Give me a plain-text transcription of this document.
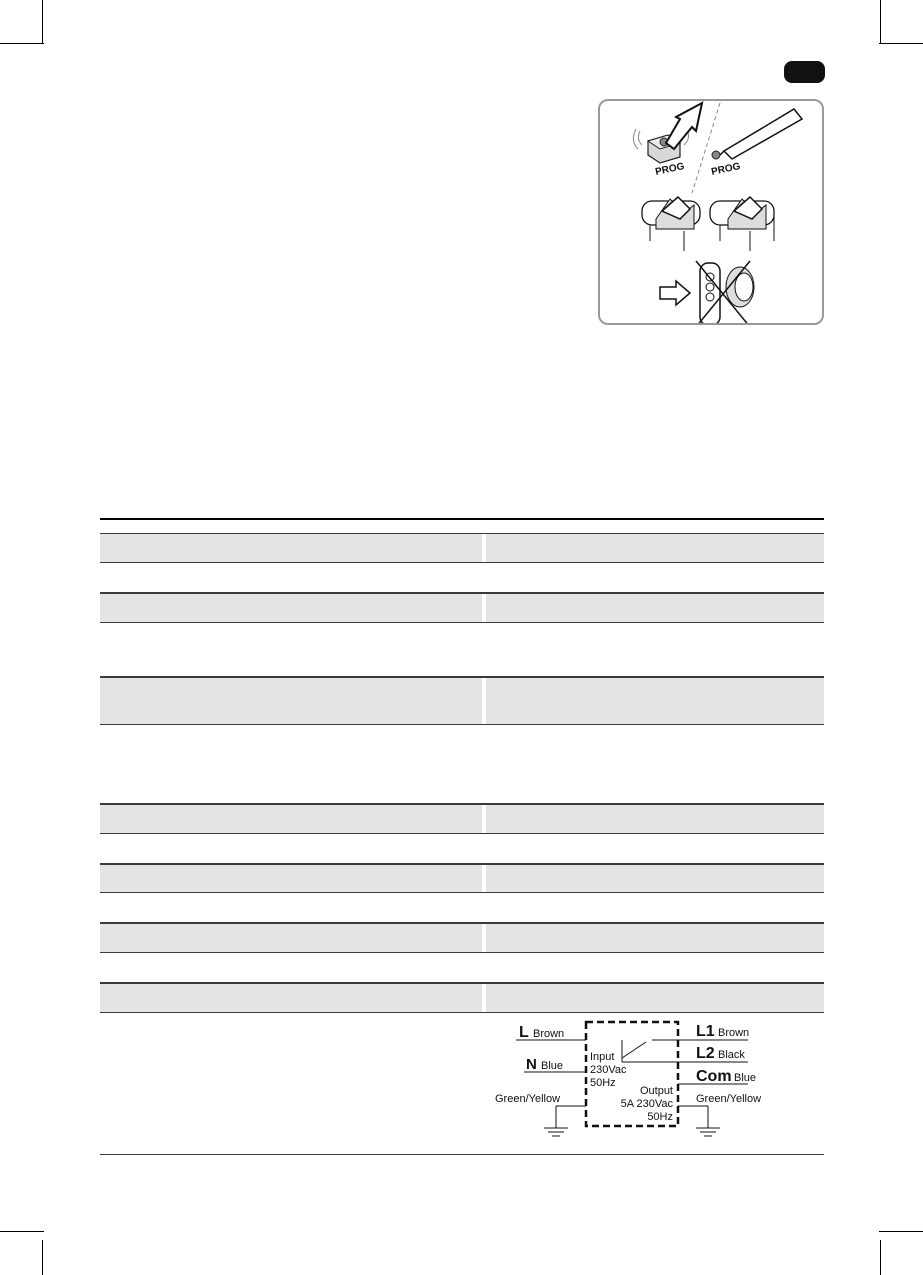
PROG PROG
L Brown
N Blue
Green/Yellow
Input
230Vac
50Hz
L1 Brown
L2 Black
Com Blue
Green/Yellow
Output
5A 230Vac
50Hz
